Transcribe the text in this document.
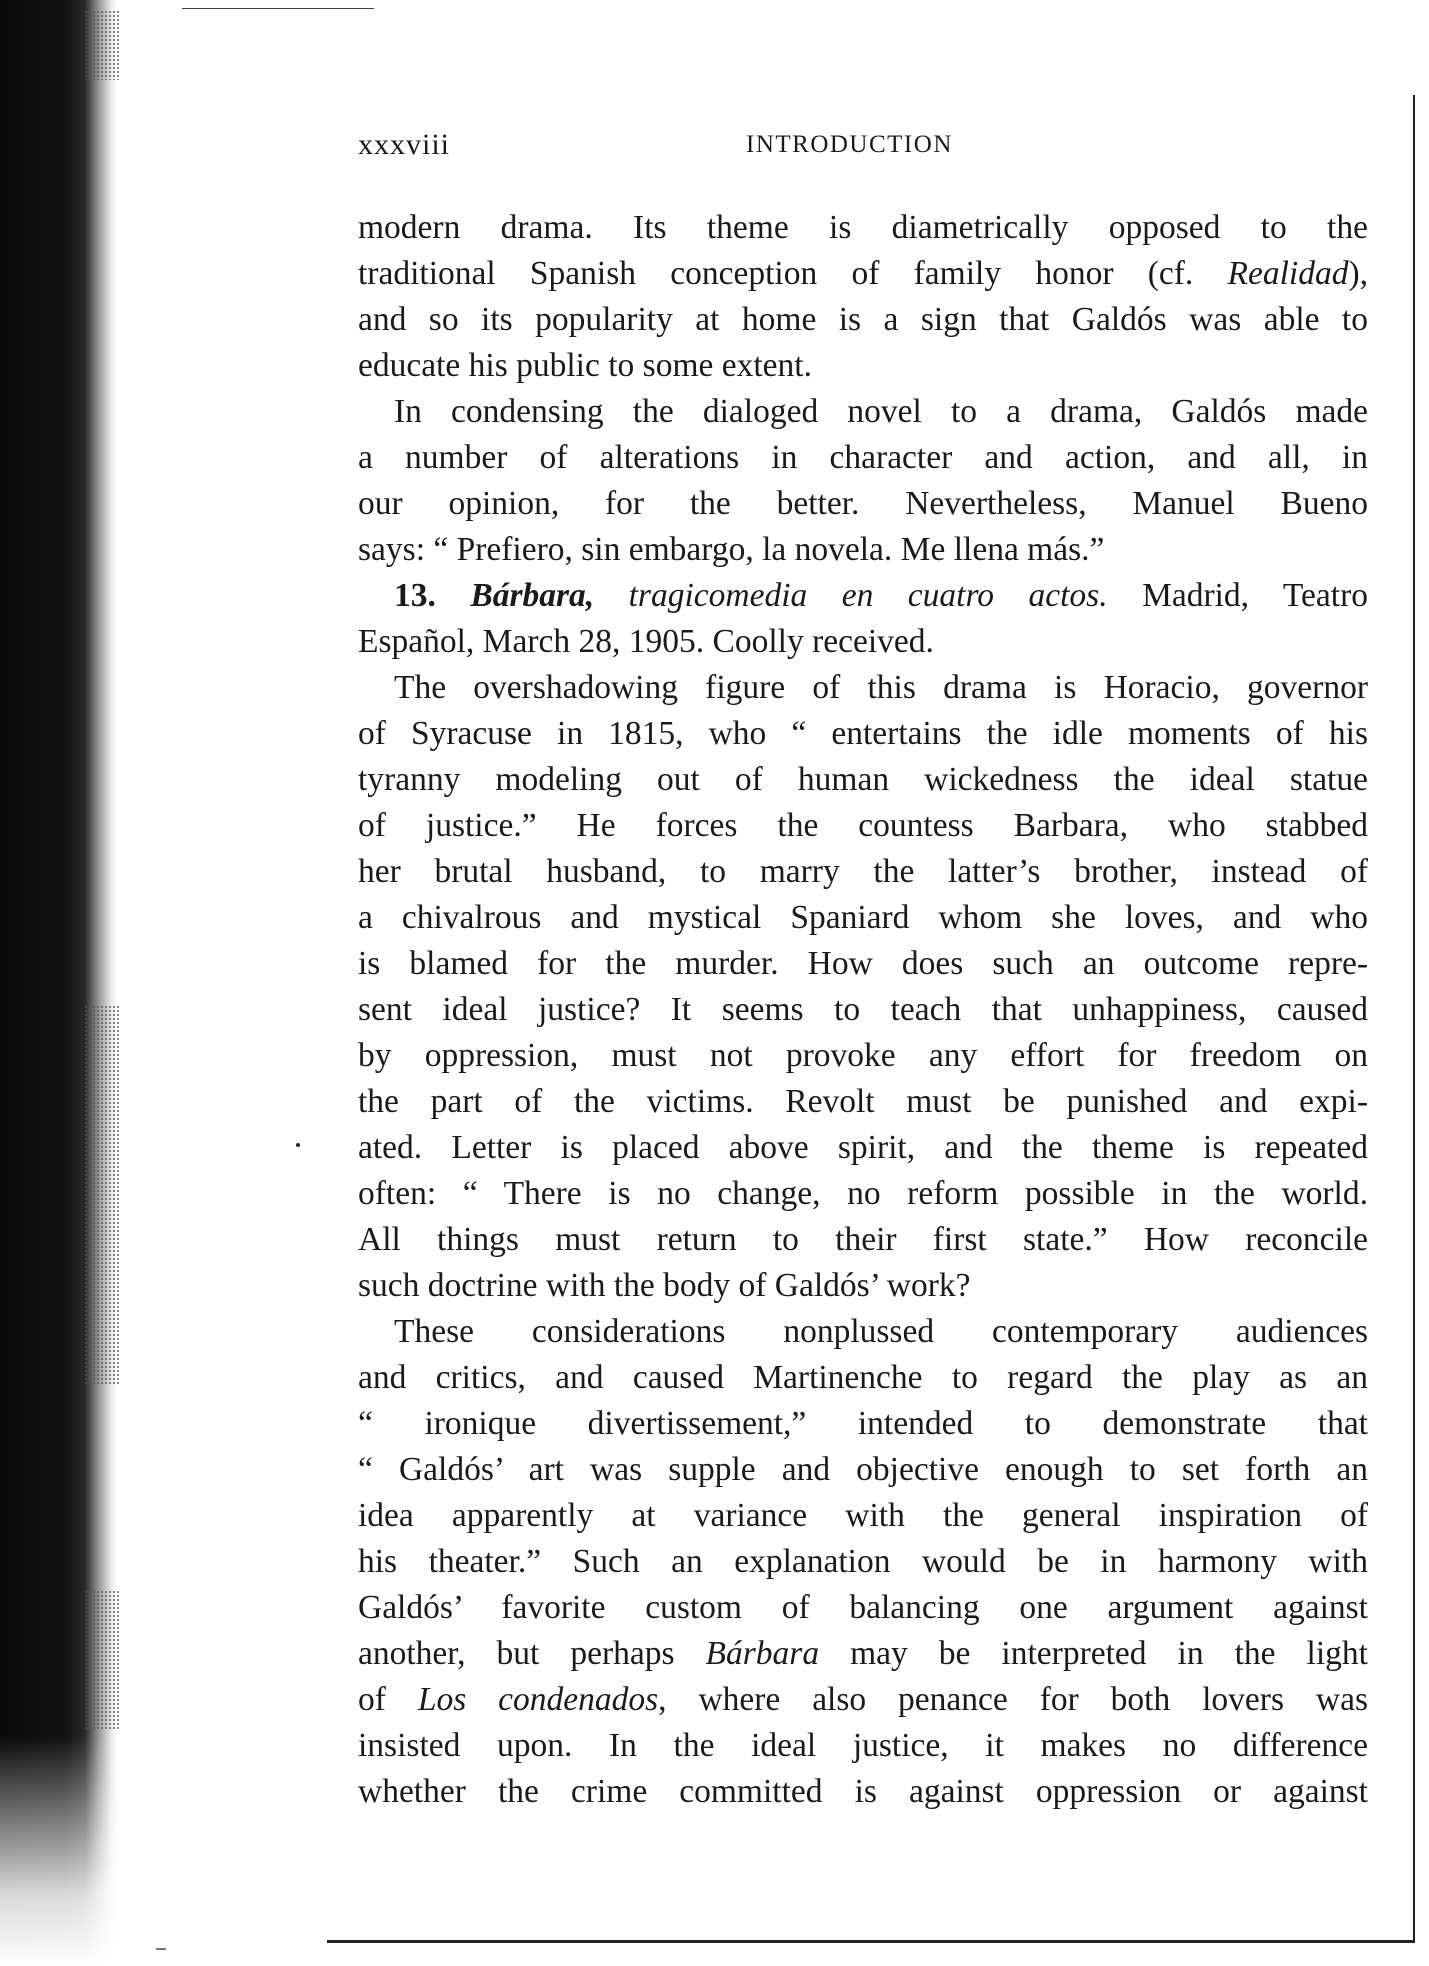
xxxviii	INTRODUCTION
modern drama. Its theme is diametrically opposed to the
traditional Spanish conception of family honor (cf. Realidad),
and so its popularity at home is a sign that Galdós was able to
educate his public to some extent.
In condensing the dialoged novel to a drama, Galdós made
a number of alterations in character and action, and all, in
our opinion, for the better. Nevertheless, Manuel Bueno
says: “ Prefiero, sin embargo, la novela. Me llena más.”
13. Bárbara, tragicomedia en cuatro actos. Madrid, Teatro
Español, March 28, 1905. Coolly received.
The overshadowing figure of this drama is Horacio, governor
of Syracuse in 1815, who “ entertains the idle moments of his
tyranny modeling out of human wickedness the ideal statue
of justice.” He forces the countess Barbara, who stabbed
her brutal husband, to marry the latter’s brother, instead of
a chivalrous and mystical Spaniard whom she loves, and who
is blamed for the murder. How does such an outcome repre-
sent ideal justice? It seems to teach that unhappiness, caused
by oppression, must not provoke any effort for freedom on
the part of the victims. Revolt must be punished and expi-
ated. Letter is placed above spirit, and the theme is repeated
often: “ There is no change, no reform possible in the world.
All things must return to their first state.” How reconcile
such doctrine with the body of Galdós’ work?
These considerations nonplussed contemporary audiences
and critics, and caused Martinenche to regard the play as an
“ ironique divertissement,” intended to demonstrate that
“ Galdós’ art was supple and objective enough to set forth an
idea apparently at variance with the general inspiration of
his theater.” Such an explanation would be in harmony with
Galdós’ favorite custom of balancing one argument against
another, but perhaps Bárbara may be interpreted in the light
of Los condenados, where also penance for both lovers was
insisted upon. In the ideal justice, it makes no difference
whether the crime committed is against oppression or against
